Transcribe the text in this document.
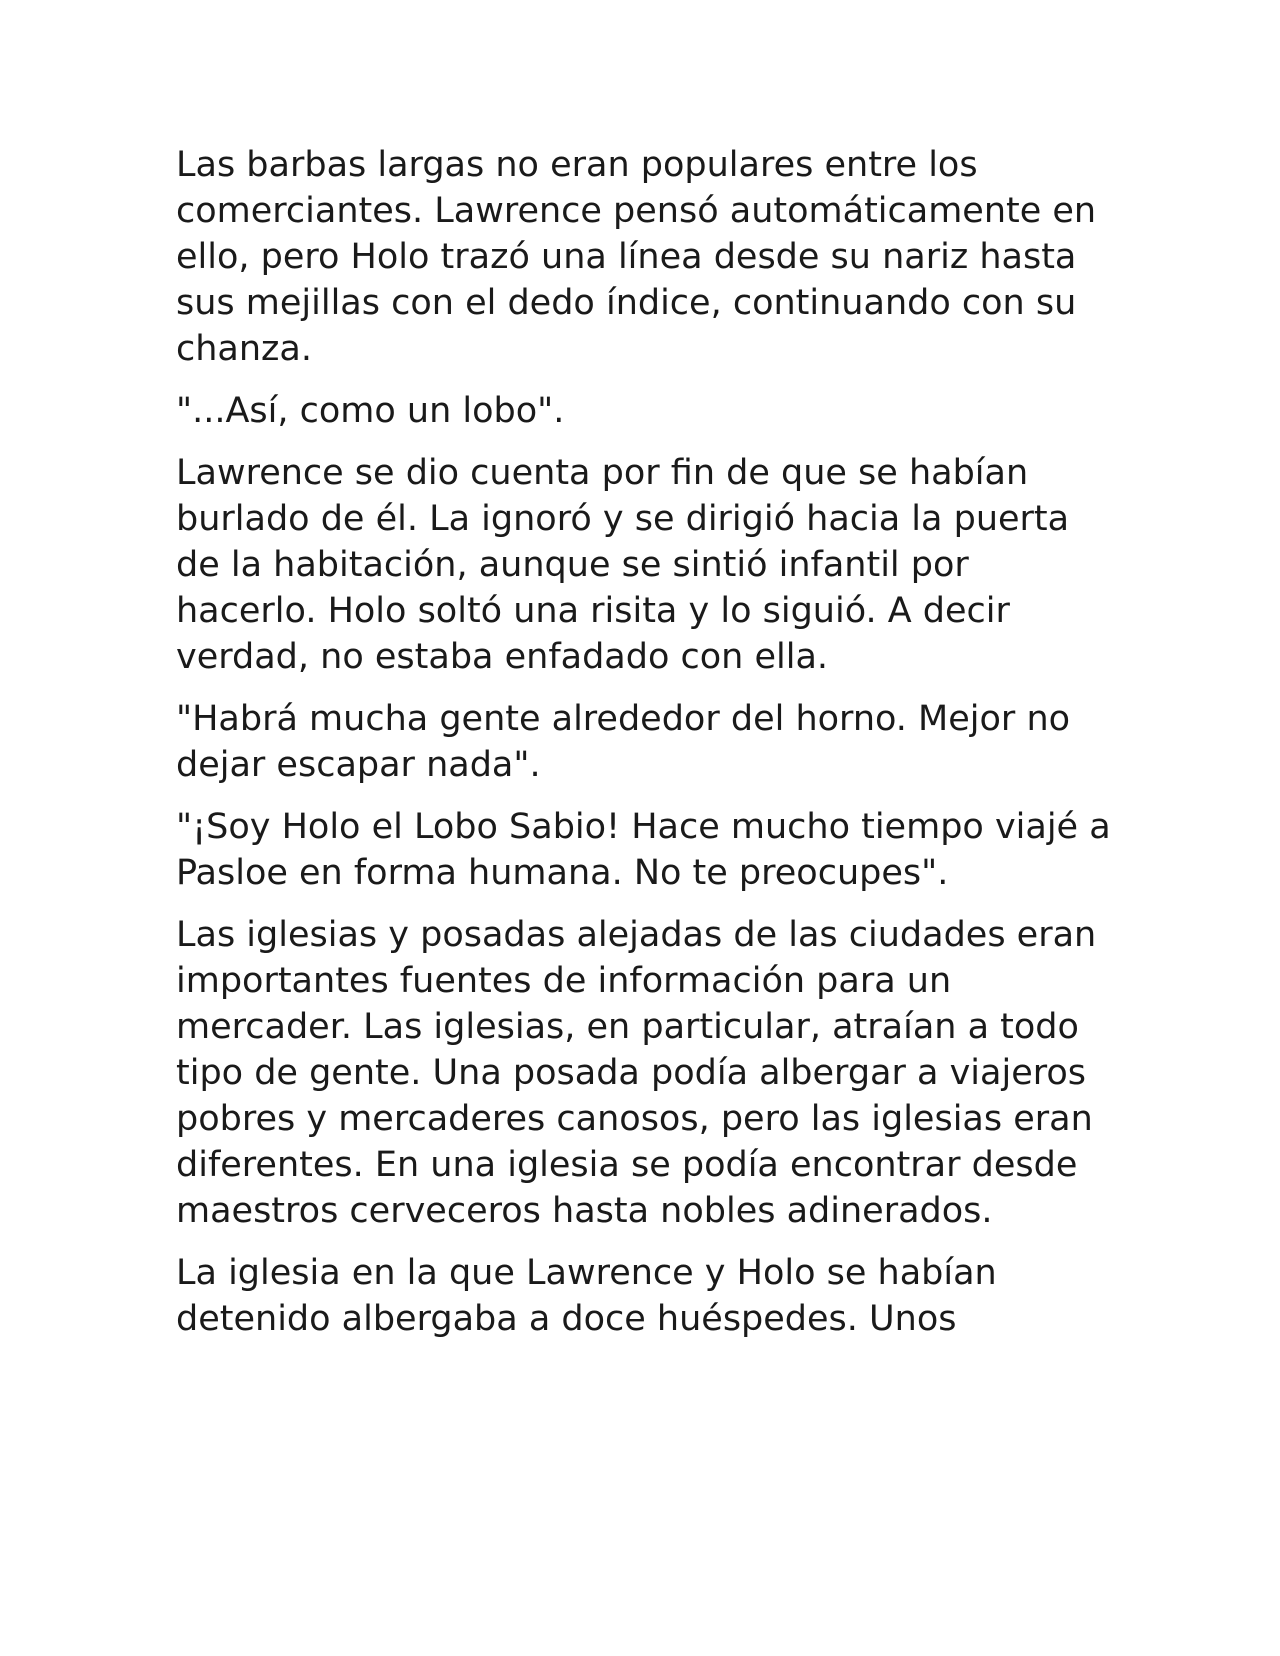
Las barbas largas no eran populares entre los comerciantes. Lawrence pensó automáticamente en ello, pero Holo trazó una línea desde su nariz hasta sus mejillas con el dedo índice, continuando con su chanza.

"...Así, como un lobo".

Lawrence se dio cuenta por fin de que se habían burlado de él. La ignoró y se dirigió hacia la puerta de la habitación, aunque se sintió infantil por hacerlo. Holo soltó una risita y lo siguió. A decir verdad, no estaba enfadado con ella.

"Habrá mucha gente alrededor del horno. Mejor no dejar escapar nada".

"¡Soy Holo el Lobo Sabio! Hace mucho tiempo viajé a Pasloe en forma humana. No te preocupes".

Las iglesias y posadas alejadas de las ciudades eran importantes fuentes de información para un mercader. Las iglesias, en particular, atraían a todo tipo de gente. Una posada podía albergar a viajeros pobres y mercaderes canosos, pero las iglesias eran diferentes. En una iglesia se podía encontrar desde maestros cerveceros hasta nobles adinerados.

La iglesia en la que Lawrence y Holo se habían detenido albergaba a doce huéspedes. Unos
